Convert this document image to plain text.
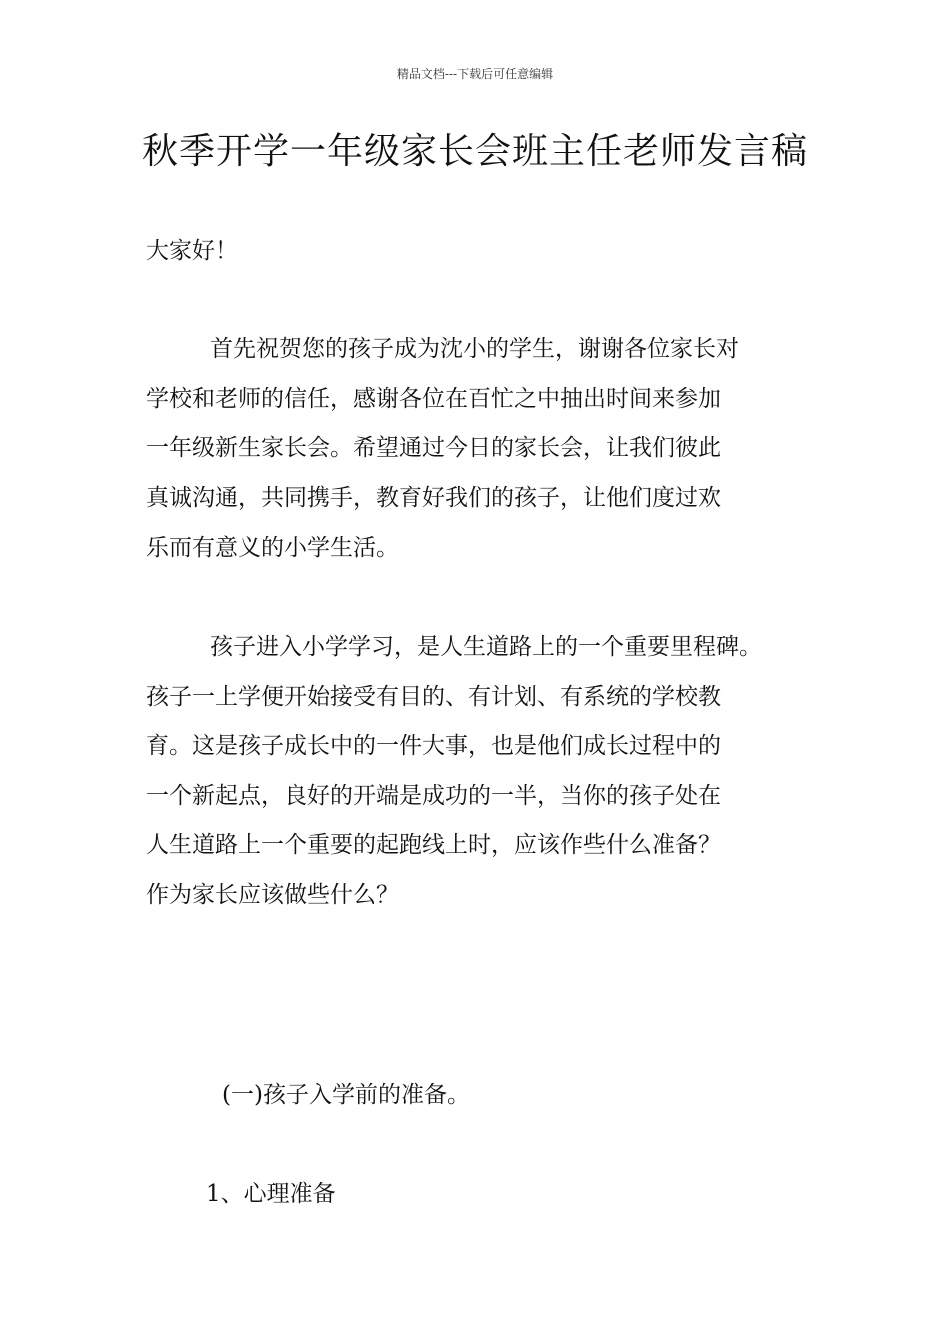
精品文档---下载后可任意编辑
秋季开学一年级家长会班主任老师发言稿

大家好！

首先祝贺您的孩子成为沈小的学生，谢谢各位家长对

学校和老师的信任，感谢各位在百忙之中抽出时间来参加

一年级新生家长会。希望通过今日的家长会，让我们彼此

真诚沟通，共同携手，教育好我们的孩子，让他们度过欢

乐而有意义的小学生活。

孩子进入小学学习，是人生道路上的一个重要里程碑。

孩子一上学便开始接受有目的、有计划、有系统的学校教

育。这是孩子成长中的一件大事，也是他们成长过程中的

一个新起点，良好的开端是成功的一半，当你的孩子处在

人生道路上一个重要的起跑线上时，应该作些什么准备？

作为家长应该做些什么？

(一)孩子入学前的准备。

1、心理准备
